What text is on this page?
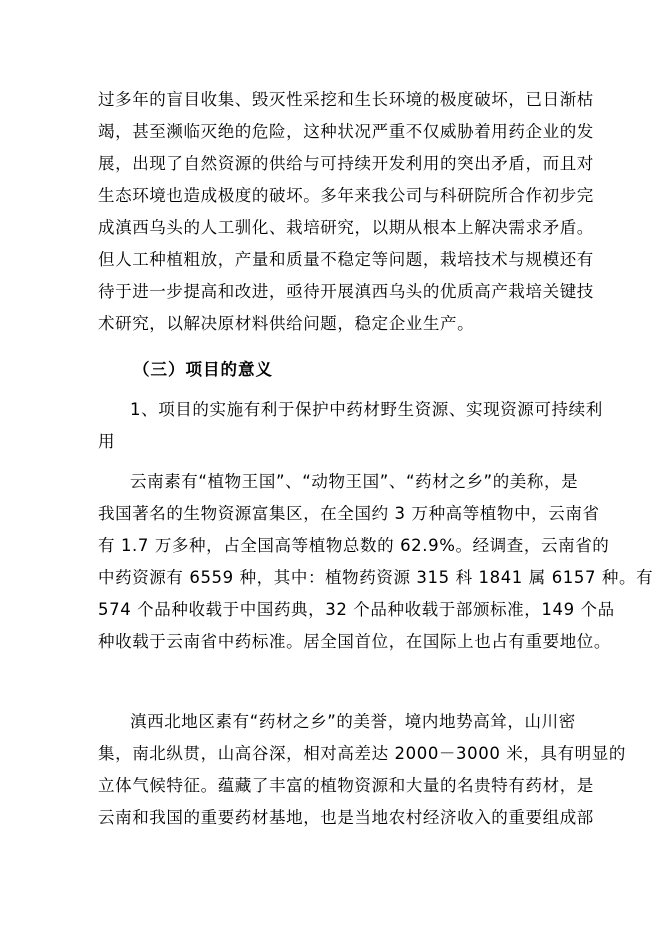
过多年的盲目收集、毁灭性采挖和生长环境的极度破坏，已日渐枯
竭，甚至濒临灭绝的危险，这种状况严重不仅威胁着用药企业的发
展，出现了自然资源的供给与可持续开发利用的突出矛盾，而且对
生态环境也造成极度的破坏。多年来我公司与科研院所合作初步完
成滇西乌头的人工驯化、栽培研究，以期从根本上解决需求矛盾。
但人工种植粗放，产量和质量不稳定等问题，栽培技术与规模还有
待于进一步提高和改进，亟待开展滇西乌头的优质高产栽培关键技
术研究，以解决原材料供给问题，稳定企业生产。
（三）项目的意义
1、项目的实施有利于保护中药材野生资源、实现资源可持续利
用
云南素有“植物王国”、“动物王国”、“药材之乡”的美称，是
我国著名的生物资源富集区，在全国约 3 万种高等植物中，云南省
有 1.7 万多种，占全国高等植物总数的 62.9%。经调查，云南省的
中药资源有 6559 种，其中：植物药资源 315 科 1841 属 6157 种。有
574 个品种收载于中国药典，32 个品种收载于部颁标准，149 个品
种收载于云南省中药标准。居全国首位，在国际上也占有重要地位。
滇西北地区素有“药材之乡”的美誉，境内地势高耸，山川密
集，南北纵贯，山高谷深，相对高差达 2000－3000 米，具有明显的
立体气候特征。蕴藏了丰富的植物资源和大量的名贵特有药材，是
云南和我国的重要药材基地，也是当地农村经济收入的重要组成部
